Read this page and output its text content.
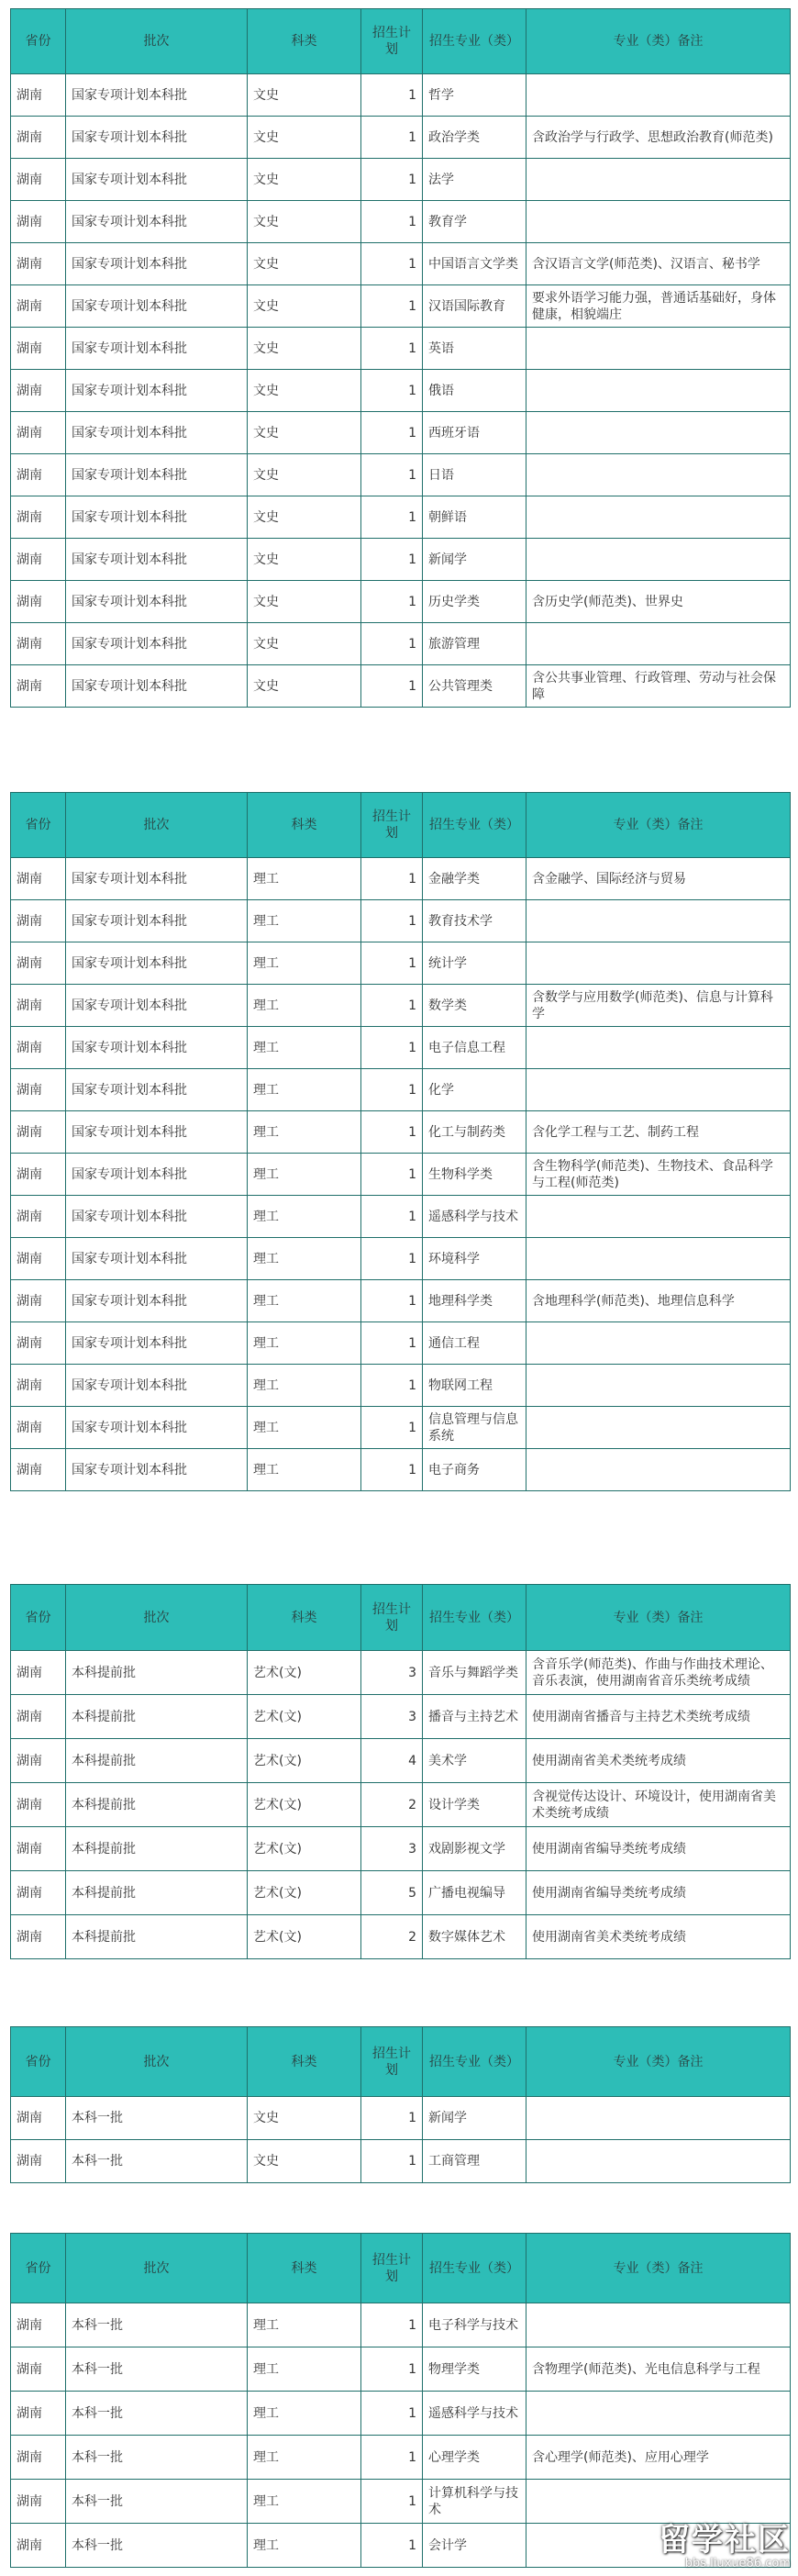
省份	批次	科类	招生计划	招生专业（类）	专业（类）备注
湖南	国家专项计划本科批	文史	1	哲学	
湖南	国家专项计划本科批	文史	1	政治学类	含政治学与行政学、思想政治教育(师范类)
湖南	国家专项计划本科批	文史	1	法学	
湖南	国家专项计划本科批	文史	1	教育学	
湖南	国家专项计划本科批	文史	1	中国语言文学类	含汉语言文学(师范类)、汉语言、秘书学
湖南	国家专项计划本科批	文史	1	汉语国际教育	要求外语学习能力强，普通话基础好，身体健康，相貌端庄
湖南	国家专项计划本科批	文史	1	英语	
湖南	国家专项计划本科批	文史	1	俄语	
湖南	国家专项计划本科批	文史	1	西班牙语	
湖南	国家专项计划本科批	文史	1	日语	
湖南	国家专项计划本科批	文史	1	朝鲜语	
湖南	国家专项计划本科批	文史	1	新闻学	
湖南	国家专项计划本科批	文史	1	历史学类	含历史学(师范类)、世界史
湖南	国家专项计划本科批	文史	1	旅游管理	
湖南	国家专项计划本科批	文史	1	公共管理类	含公共事业管理、行政管理、劳动与社会保障
省份	批次	科类	招生计划	招生专业（类）	专业（类）备注
湖南	国家专项计划本科批	理工	1	金融学类	含金融学、国际经济与贸易
湖南	国家专项计划本科批	理工	1	教育技术学	
湖南	国家专项计划本科批	理工	1	统计学	
湖南	国家专项计划本科批	理工	1	数学类	含数学与应用数学(师范类)、信息与计算科学
湖南	国家专项计划本科批	理工	1	电子信息工程	
湖南	国家专项计划本科批	理工	1	化学	
湖南	国家专项计划本科批	理工	1	化工与制药类	含化学工程与工艺、制药工程
湖南	国家专项计划本科批	理工	1	生物科学类	含生物科学(师范类)、生物技术、食品科学与工程(师范类)
湖南	国家专项计划本科批	理工	1	遥感科学与技术	
湖南	国家专项计划本科批	理工	1	环境科学	
湖南	国家专项计划本科批	理工	1	地理科学类	含地理科学(师范类)、地理信息科学
湖南	国家专项计划本科批	理工	1	通信工程	
湖南	国家专项计划本科批	理工	1	物联网工程	
湖南	国家专项计划本科批	理工	1	信息管理与信息系统	
湖南	国家专项计划本科批	理工	1	电子商务	
省份	批次	科类	招生计划	招生专业（类）	专业（类）备注
湖南	本科提前批	艺术(文)	3	音乐与舞蹈学类	含音乐学(师范类)、作曲与作曲技术理论、音乐表演，使用湖南省音乐类统考成绩
湖南	本科提前批	艺术(文)	3	播音与主持艺术	使用湖南省播音与主持艺术类统考成绩
湖南	本科提前批	艺术(文)	4	美术学	使用湖南省美术类统考成绩
湖南	本科提前批	艺术(文)	2	设计学类	含视觉传达设计、环境设计，使用湖南省美术类统考成绩
湖南	本科提前批	艺术(文)	3	戏剧影视文学	使用湖南省编导类统考成绩
湖南	本科提前批	艺术(文)	5	广播电视编导	使用湖南省编导类统考成绩
湖南	本科提前批	艺术(文)	2	数字媒体艺术	使用湖南省美术类统考成绩
省份	批次	科类	招生计划	招生专业（类）	专业（类）备注
湖南	本科一批	文史	1	新闻学	
湖南	本科一批	文史	1	工商管理	
省份	批次	科类	招生计划	招生专业（类）	专业（类）备注
湖南	本科一批	理工	1	电子科学与技术	
湖南	本科一批	理工	1	物理学类	含物理学(师范类)、光电信息科学与工程
湖南	本科一批	理工	1	遥感科学与技术	
湖南	本科一批	理工	1	心理学类	含心理学(师范类)、应用心理学
湖南	本科一批	理工	1	计算机科学与技术	
湖南	本科一批	理工	1	会计学		留学社区
bbs.liuxue86.com
